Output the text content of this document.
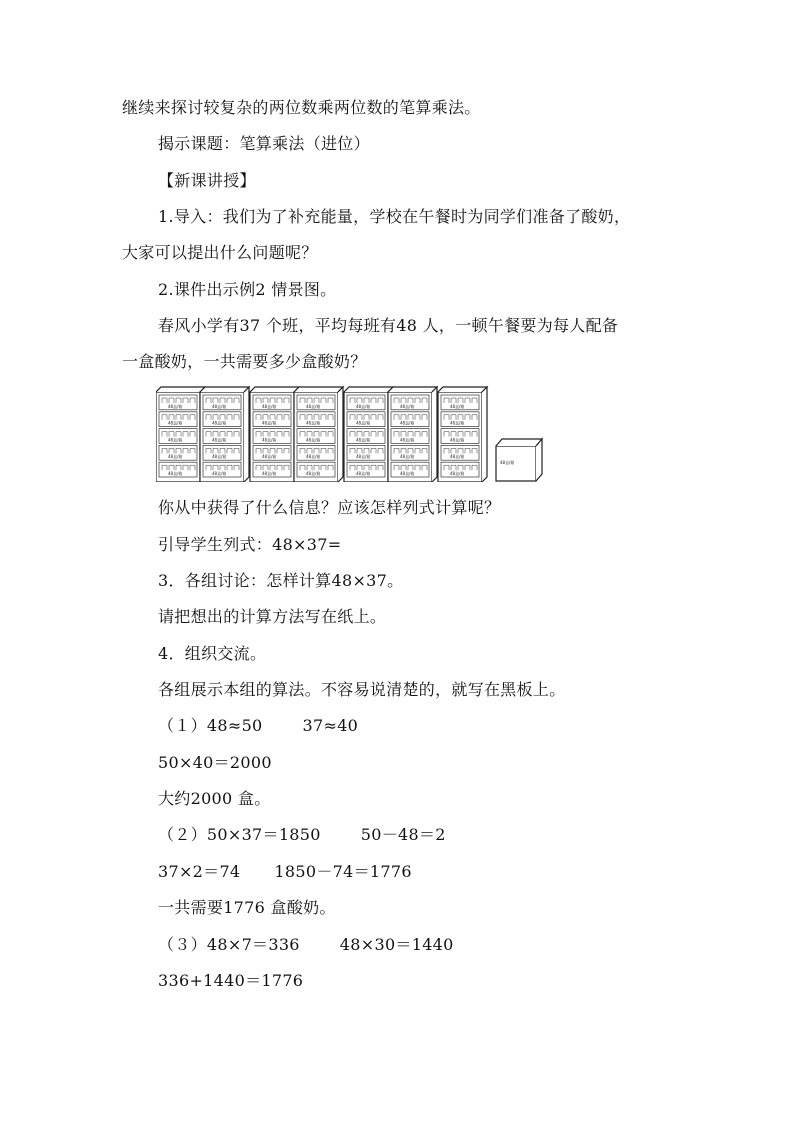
继续来探讨较复杂的两位数乘两位数的笔算乘法。
揭示课题：笔算乘法（进位）
【新课讲授】
1.导入：我们为了补充能量，学校在午餐时为同学们准备了酸奶，
大家可以提出什么问题呢？
2.课件出示例2 情景图。
春风小学有37 个班，平均每班有48 人，一顿午餐要为每人配备
一盒酸奶，一共需要多少盒酸奶？
48盒/箱
48盒/箱
48盒/箱
48盒/箱
48盒/箱
48盒/箱
48盒/箱
48盒/箱
48盒/箱
48盒/箱
48盒/箱
48盒/箱
48盒/箱
48盒/箱
48盒/箱
48盒/箱
48盒/箱
48盒/箱
48盒/箱
48盒/箱
48盒/箱
48盒/箱
48盒/箱
48盒/箱
48盒/箱
48盒/箱
48盒/箱
48盒/箱
48盒/箱
48盒/箱
48盒/箱
48盒/箱
48盒/箱
48盒/箱
48盒/箱
48盒/箱
你从中获得了什么信息？应该怎样列式计算呢？
引导学生列式：48×37=
3．各组讨论：怎样计算48×37。
请把想出的计算方法写在纸上。
4．组织交流。
各组展示本组的算法。不容易说清楚的，就写在黑板上。
（１）48≈50	37≈40
50×40＝2000
大约2000 盒。
（２）50×37＝1850	50－48＝2
37×2＝74 1850－74＝1776
一共需要1776 盒酸奶。
（３）48×7＝336	48×30＝1440
336+1440＝1776
